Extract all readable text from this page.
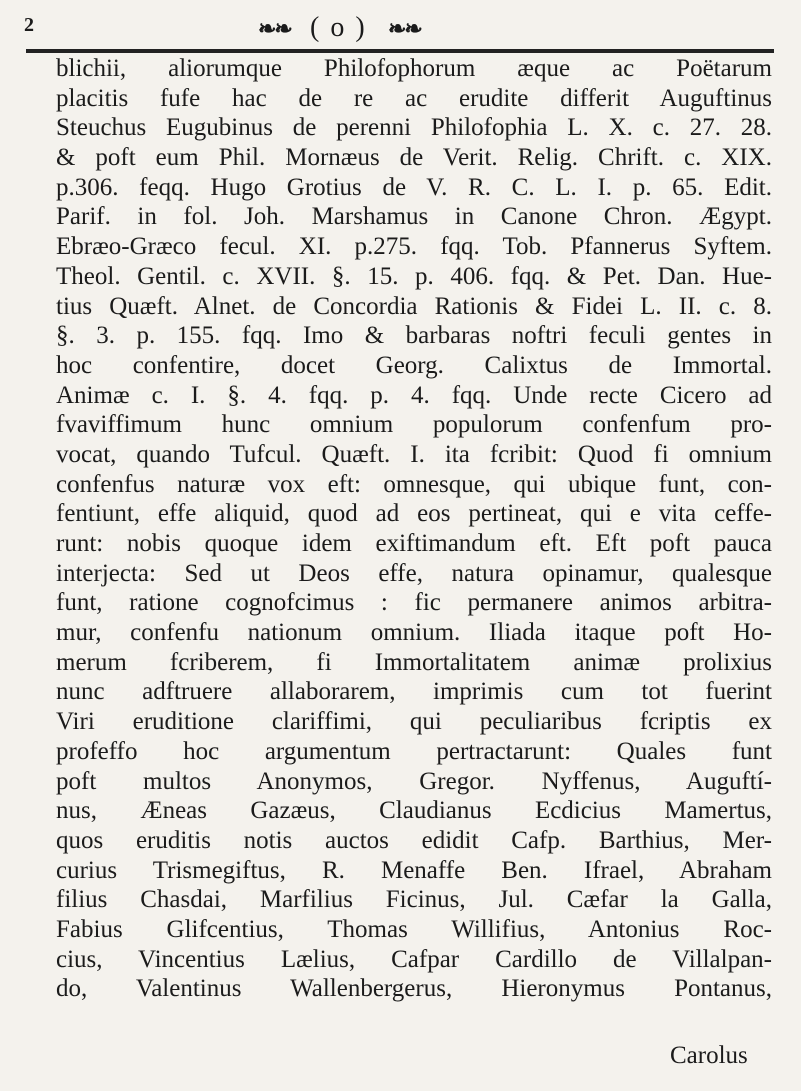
2	❧❧ ( o ) ❧❧
blichii, aliorumque Philofophorum æque ac Poëtarum
placitis fufe hac de re ac erudite differit Auguftinus
Steuchus Eugubinus de perenni Philofophia L. X. c. 27. 28.
& poft eum Phil. Mornæus de Verit. Relig. Chrift. c. XIX.
p.306. feqq. Hugo Grotius de V. R. C. L. I. p. 65. Edit.
Parif. in fol. Joh. Marshamus in Canone Chron. Ægypt.
Ebræo-Græco fecul. XI. p.275. fqq. Tob. Pfannerus Syftem.
Theol. Gentil. c. XVII. §. 15. p. 406. fqq. & Pet. Dan. Hue-
tius Quæft. Alnet. de Concordia Rationis & Fidei L. II. c. 8.
§. 3. p. 155. fqq. Imo & barbaras noftri feculi gentes in
hoc confentire, docet Georg. Calixtus de Immortal.
Animæ c. I. §. 4. fqq. p. 4. fqq. Unde recte Cicero ad
fvaviffimum hunc omnium populorum confenfum pro-
vocat, quando Tufcul. Quæft. I. ita fcribit: Quod fi omnium
confenfus naturæ vox eft: omnesque, qui ubique funt, con-
fentiunt, effe aliquid, quod ad eos pertineat, qui e vita ceffe-
runt: nobis quoque idem exiftimandum eft. Eft poft pauca
interjecta: Sed ut Deos effe, natura opinamur, qualesque
funt, ratione cognofcimus : fic permanere animos arbitra-
mur, confenfu nationum omnium. Iliada itaque poft Ho-
merum fcriberem, fi Immortalitatem animæ prolixius
nunc adftruere allaborarem, imprimis cum tot fuerint
Viri eruditione clariffimi, qui peculiaribus fcriptis ex
profeffo hoc argumentum pertractarunt: Quales funt
poft multos Anonymos, Gregor. Nyffenus, Auguftí-
nus, Æneas Gazæus, Claudianus Ecdicius Mamertus,
quos eruditis notis auctos edidit Cafp. Barthius, Mer-
curius Trismegiftus, R. Menaffe Ben. Ifrael, Abraham
filius Chasdai, Marfilius Ficinus, Jul. Cæfar la Galla,
Fabius Glifcentius, Thomas Willifius, Antonius Roc-
cius, Vincentius Lælius, Cafpar Cardillo de Villalpan-
do, Valentinus Wallenbergerus, Hieronymus Pontanus,
Carolus
